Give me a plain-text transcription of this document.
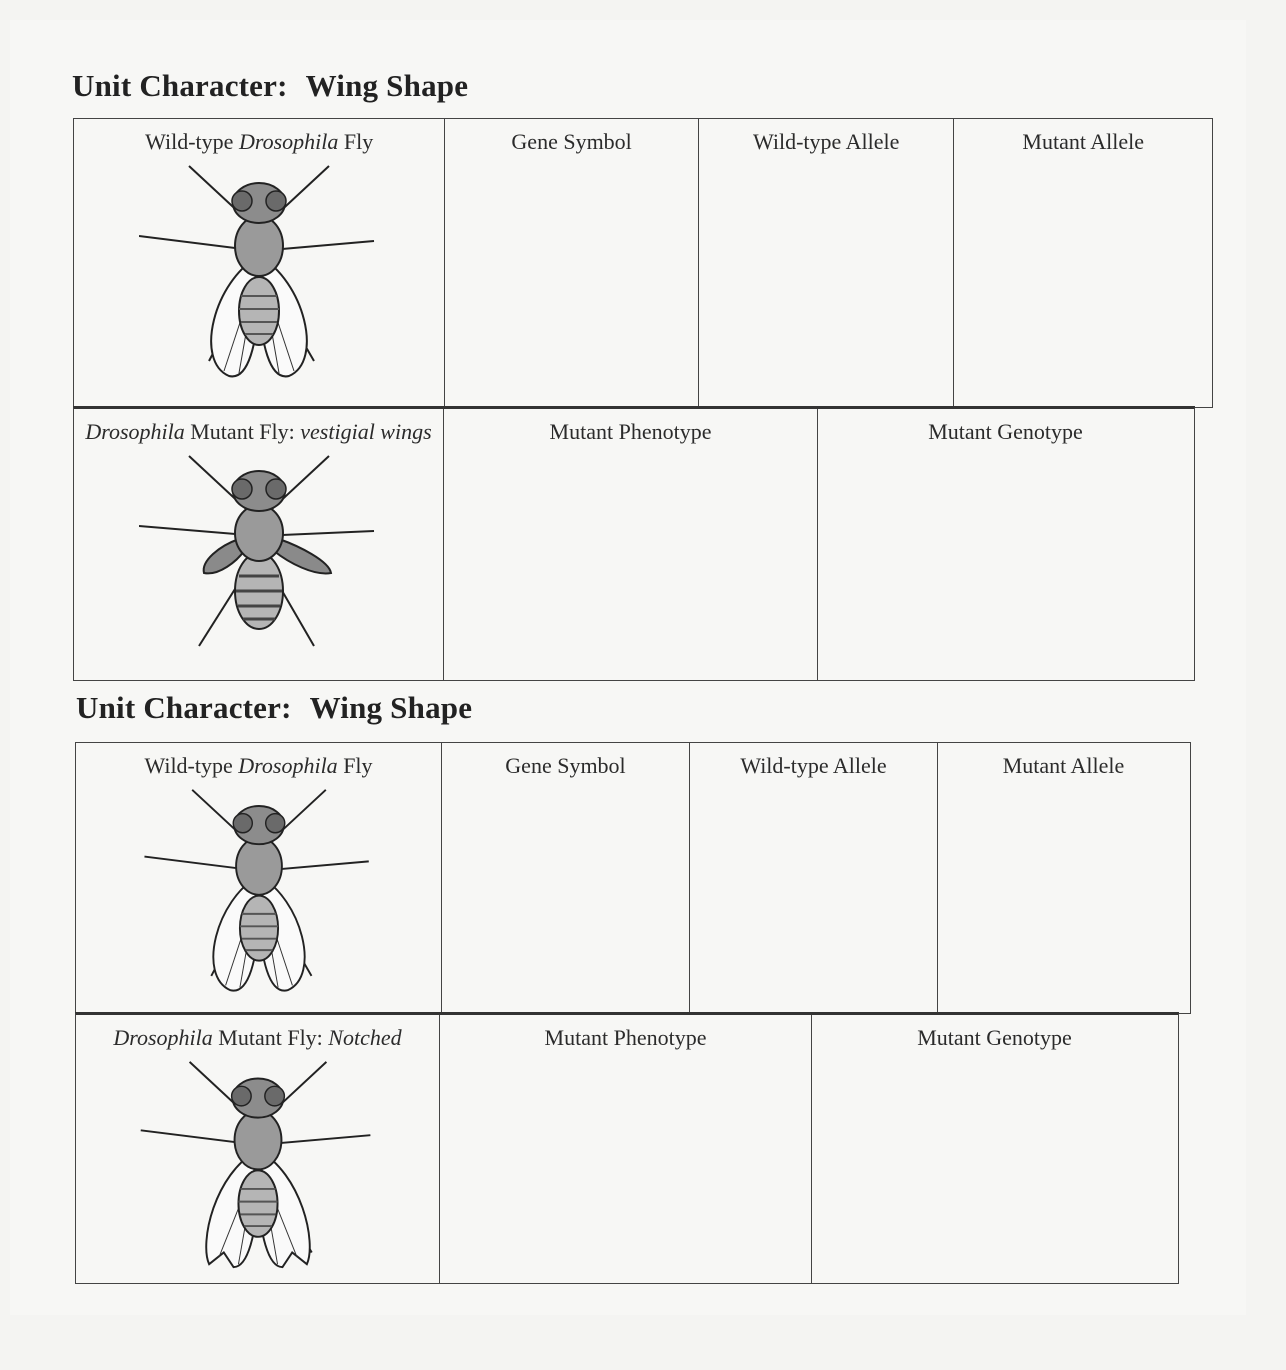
Unit Character: Wing Shape
Wild-type Drosophila Fly	Gene Symbol	Wild-type Allele	Mutant Allele
Drosophila Mutant Fly: vestigial wings	Mutant Phenotype	Mutant Genotype
Unit Character: Wing Shape
Wild-type Drosophila Fly	Gene Symbol	Wild-type Allele	Mutant Allele
Drosophila Mutant Fly: Notched	Mutant Phenotype	Mutant Genotype
